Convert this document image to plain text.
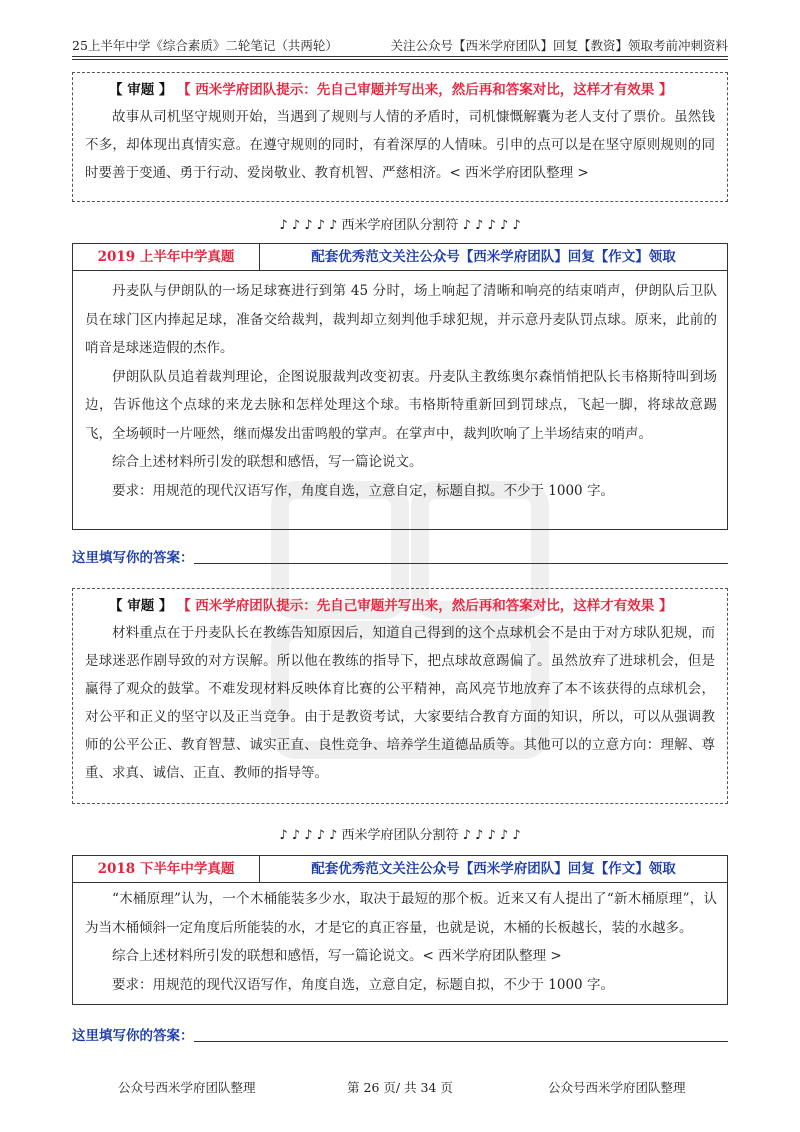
25上半年中学《综合素质》二轮笔记（共两轮）	关注公众号【西米学府团队】回复【教资】领取考前冲刺资料
【 审题 】 【 西米学府团队提示：先自己审题并写出来，然后再和答案对比，这样才有效果 】

故事从司机坚守规则开始，当遇到了规则与人情的矛盾时，司机慷慨解囊为老人支付了票价。虽然钱不多，却体现出真情实意。在遵守规则的同时，有着深厚的人情味。引申的点可以是在坚守原则规则的同时要善于变通、勇于行动、爱岗敬业、教育机智、严慈相济。< 西米学府团队整理 >

♪ ♪ ♪ ♪ ♪ 西米学府团队分割符 ♪ ♪ ♪ ♪ ♪
2019 上半年中学真题	配套优秀范文关注公众号【西米学府团队】回复【作文】领取

丹麦队与伊朗队的一场足球赛进行到第 45 分时，场上响起了清晰和响亮的结束哨声，伊朗队后卫队员在球门区内捧起足球，准备交给裁判，裁判却立刻判他手球犯规，并示意丹麦队罚点球。原来，此前的哨音是球迷造假的杰作。

伊朗队队员追着裁判理论，企图说服裁判改变初衷。丹麦队主教练奥尔森悄悄把队长韦格斯特叫到场边，告诉他这个点球的来龙去脉和怎样处理这个球。韦格斯特重新回到罚球点，飞起一脚，将球故意踢飞，全场顿时一片哑然，继而爆发出雷鸣般的掌声。在掌声中，裁判吹响了上半场结束的哨声。

综合上述材料所引发的联想和感悟，写一篇论说文。

要求：用规范的现代汉语写作，角度自选，立意自定，标题自拟。不少于 1000 字。

这里填写你的答案：
【 审题 】 【 西米学府团队提示：先自己审题并写出来，然后再和答案对比，这样才有效果 】

材料重点在于丹麦队长在教练告知原因后，知道自己得到的这个点球机会不是由于对方球队犯规，而是球迷恶作剧导致的对方误解。所以他在教练的指导下，把点球故意踢偏了。虽然放弃了进球机会，但是赢得了观众的鼓掌。不难发现材料反映体育比赛的公平精神，高风亮节地放弃了本不该获得的点球机会，对公平和正义的坚守以及正当竞争。由于是教资考试，大家要结合教育方面的知识，所以，可以从强调教师的公平公正、教育智慧、诚实正直、良性竞争、培养学生道德品质等。其他可以的立意方向：理解、尊重、求真、诚信、正直、教师的指导等。

♪ ♪ ♪ ♪ ♪ 西米学府团队分割符 ♪ ♪ ♪ ♪ ♪
2018 下半年中学真题	配套优秀范文关注公众号【西米学府团队】回复【作文】领取

“木桶原理”认为，一个木桶能装多少水，取决于最短的那个板。近来又有人提出了“新木桶原理”，认为当木桶倾斜一定角度后所能装的水，才是它的真正容量，也就是说，木桶的长板越长，装的水越多。

综合上述材料所引发的联想和感悟，写一篇论说文。< 西米学府团队整理 >

要求：用规范的现代汉语写作，角度自选，立意自定，标题自拟，不少于 1000 字。

这里填写你的答案：
公众号西米学府团队整理	第 26 页/ 共 34 页	公众号西米学府团队整理
